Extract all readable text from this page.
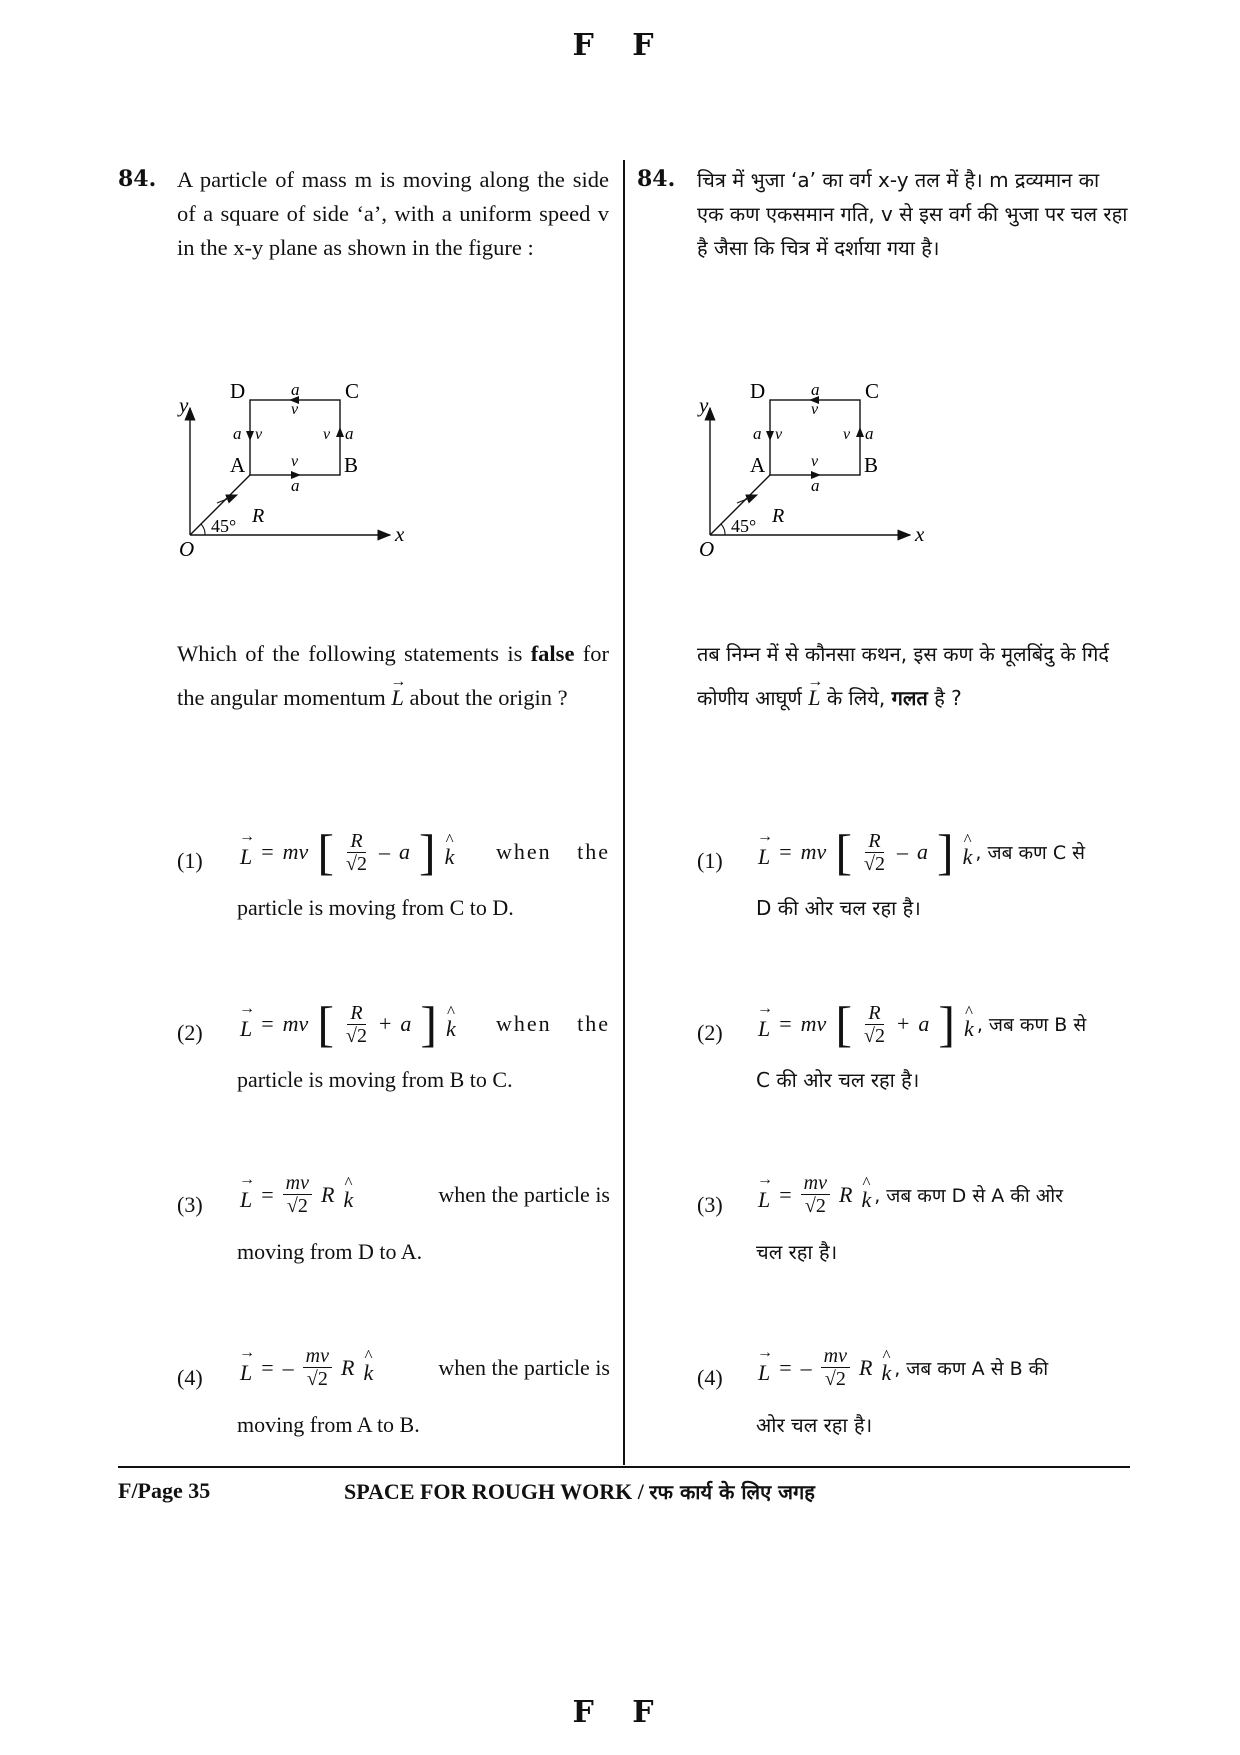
F F
84. A particle of mass m is moving along the side of a square of side ‘a’, with a uniform speed v in the x-y plane as shown in the figure :
y
x
O
D	C
A	B
a
v
v
a
a v	v a
45° R
Which of the following statements is false for the angular momentum → L about the origin ?
(1)
→ L = mv [ $\frac{R}{√2}$ – a ]
^ k when the
particle is moving from C to D.
(2)
→ L = mv [ $\frac{R}{√2} + a$ ]
^ k when the
particle is moving from B to C.
(3)
→ $L = \frac{mv}{√2}$ R
^ k	when the particle is
moving from D to A.
(4)
→ L = – $\frac{mv}{√2}$ R
^ k	when the particle is
moving from A to B.
84. चित्र में भुजा ‘a’ का वर्ग x-y तल में है। m द्रव्यमान का एक कण एकसमान गति, v से इस वर्ग की भुजा पर चल रहा है जैसा कि चित्र में दर्शाया गया है।
y
x
O
D	C
A	B
a
v
v
a
a v	v a
45° R
तब निम्न में से कौनसा कथन, इस कण के मूलबिंदु के गिर्द कोणीय आघूर्ण → L के लिये, गलत है ?
(1)
→ L = mv [ $\frac{R}{√2}$ – a ]
^ k , जब कण C से
D की ओर चल रहा है।
(2)
→ L = mv [ $\frac{R}{√2} + a$ ]
^ k , जब कण B से
C की ओर चल रहा है।
(3)
→ $L = \frac{mv}{√2}$ R
^ k , जब कण D से A की ओर
चल रहा है।
(4)
→ L = – $\frac{mv}{√2}$ R
^ k , जब कण A से B की
ओर चल रहा है।
F/Page 35	SPACE FOR ROUGH WORK / रफ कार्य के लिए जगह
F F
